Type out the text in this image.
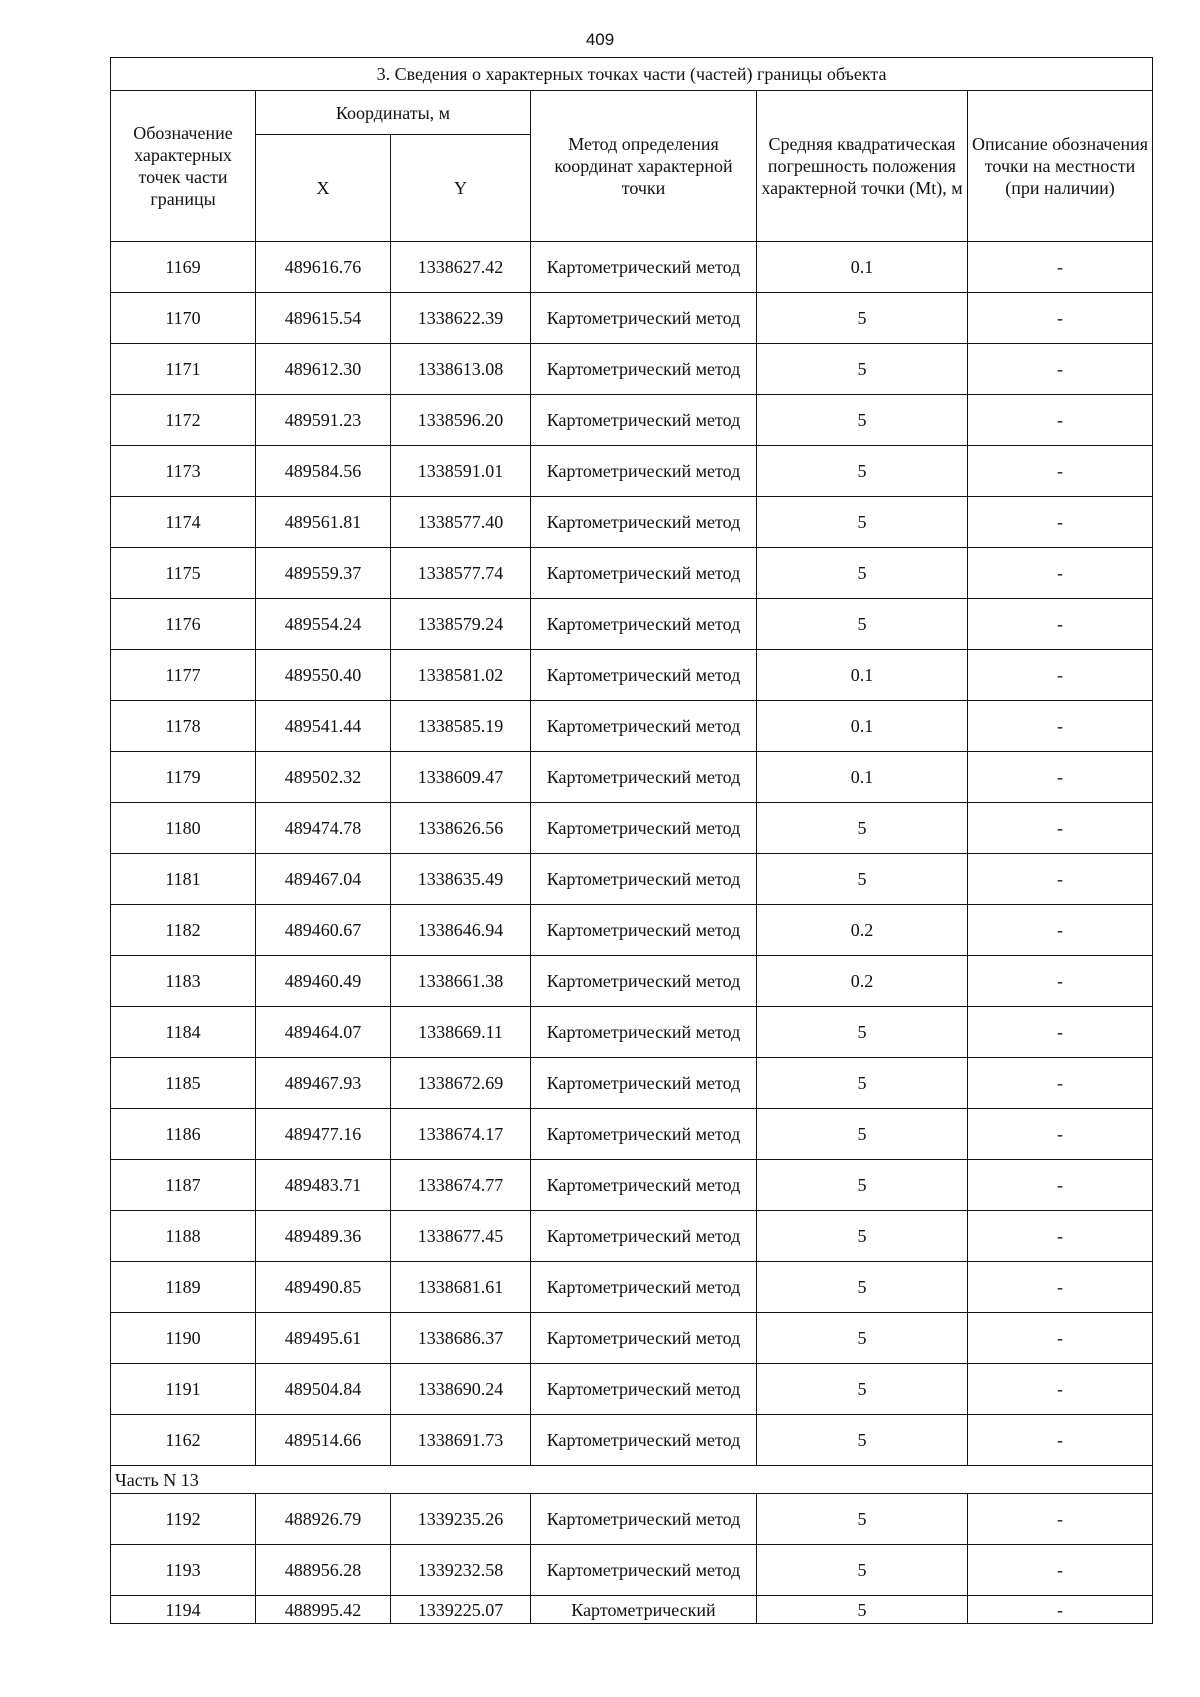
409
3. Сведения о характерных точках части (частей) границы объекта					
Обозначение характерных точек части границы	Координаты, м		Метод определения координат характерной точки	Средняя квадратическая погрешность положения характерной точки (Mt), м	Описание обозначения точки на местности (при наличии)
	X	Y			
1169	489616.76	1338627.42	Картометрический метод	0.1	-
1170	489615.54	1338622.39	Картометрический метод	5	-
1171	489612.30	1338613.08	Картометрический метод	5	-
1172	489591.23	1338596.20	Картометрический метод	5	-
1173	489584.56	1338591.01	Картометрический метод	5	-
1174	489561.81	1338577.40	Картометрический метод	5	-
1175	489559.37	1338577.74	Картометрический метод	5	-
1176	489554.24	1338579.24	Картометрический метод	5	-
1177	489550.40	1338581.02	Картометрический метод	0.1	-
1178	489541.44	1338585.19	Картометрический метод	0.1	-
1179	489502.32	1338609.47	Картометрический метод	0.1	-
1180	489474.78	1338626.56	Картометрический метод	5	-
1181	489467.04	1338635.49	Картометрический метод	5	-
1182	489460.67	1338646.94	Картометрический метод	0.2	-
1183	489460.49	1338661.38	Картометрический метод	0.2	-
1184	489464.07	1338669.11	Картометрический метод	5	-
1185	489467.93	1338672.69	Картометрический метод	5	-
1186	489477.16	1338674.17	Картометрический метод	5	-
1187	489483.71	1338674.77	Картометрический метод	5	-
1188	489489.36	1338677.45	Картометрический метод	5	-
1189	489490.85	1338681.61	Картометрический метод	5	-
1190	489495.61	1338686.37	Картометрический метод	5	-
1191	489504.84	1338690.24	Картометрический метод	5	-
1162	489514.66	1338691.73	Картометрический метод	5	-
Часть N 13					
1192	488926.79	1339235.26	Картометрический метод	5	-
1193	488956.28	1339232.58	Картометрический метод	5	-
1194	488995.42	1339225.07	Картометрический	5	-
